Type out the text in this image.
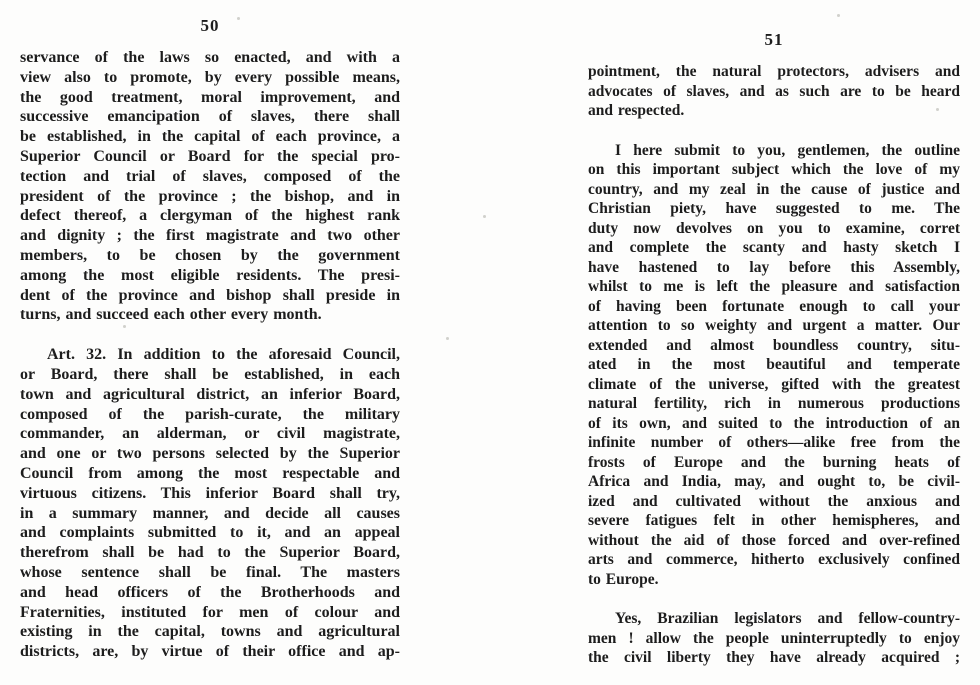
50
servance of the laws so enacted, and with a
view also to promote, by every possible means,
the good treatment, moral improvement, and
successive emancipation of slaves, there shall
be established, in the capital of each province, a
Superior Council or Board for the special pro-
tection and trial of slaves, composed of the
president of the province ; the bishop, and in
defect thereof, a clergyman of the highest rank
and dignity ; the first magistrate and two other
members, to be chosen by the government
among the most eligible residents. The presi-
dent of the province and bishop shall preside in
turns, and succeed each other every month.
Art. 32. In addition to the aforesaid Council,
or Board, there shall be established, in each
town and agricultural district, an inferior Board,
composed of the parish-curate, the military
commander, an alderman, or civil magistrate,
and one or two persons selected by the Superior
Council from among the most respectable and
virtuous citizens. This inferior Board shall try,
in a summary manner, and decide all causes
and complaints submitted to it, and an appeal
therefrom shall be had to the Superior Board,
whose sentence shall be final. The masters
and head officers of the Brotherhoods and
Fraternities, instituted for men of colour and
existing in the capital, towns and agricultural
districts, are, by virtue of their office and ap-
51
pointment, the natural protectors, advisers and
advocates of slaves, and as such are to be heard
and respected.
I here submit to you, gentlemen, the outline
on this important subject which the love of my
country, and my zeal in the cause of justice and
Christian piety, have suggested to me. The
duty now devolves on you to examine, corret
and complete the scanty and hasty sketch I
have hastened to lay before this Assembly,
whilst to me is left the pleasure and satisfaction
of having been fortunate enough to call your
attention to so weighty and urgent a matter. Our
extended and almost boundless country, situ-
ated in the most beautiful and temperate
climate of the universe, gifted with the greatest
natural fertility, rich in numerous productions
of its own, and suited to the introduction of an
infinite number of others—alike free from the
frosts of Europe and the burning heats of
Africa and India, may, and ought to, be civil-
ized and cultivated without the anxious and
severe fatigues felt in other hemispheres, and
without the aid of those forced and over-refined
arts and commerce, hitherto exclusively confined
to Europe.
Yes, Brazilian legislators and fellow-country-
men ! allow the people uninterruptedly to enjoy
the civil liberty they have already acquired ;
